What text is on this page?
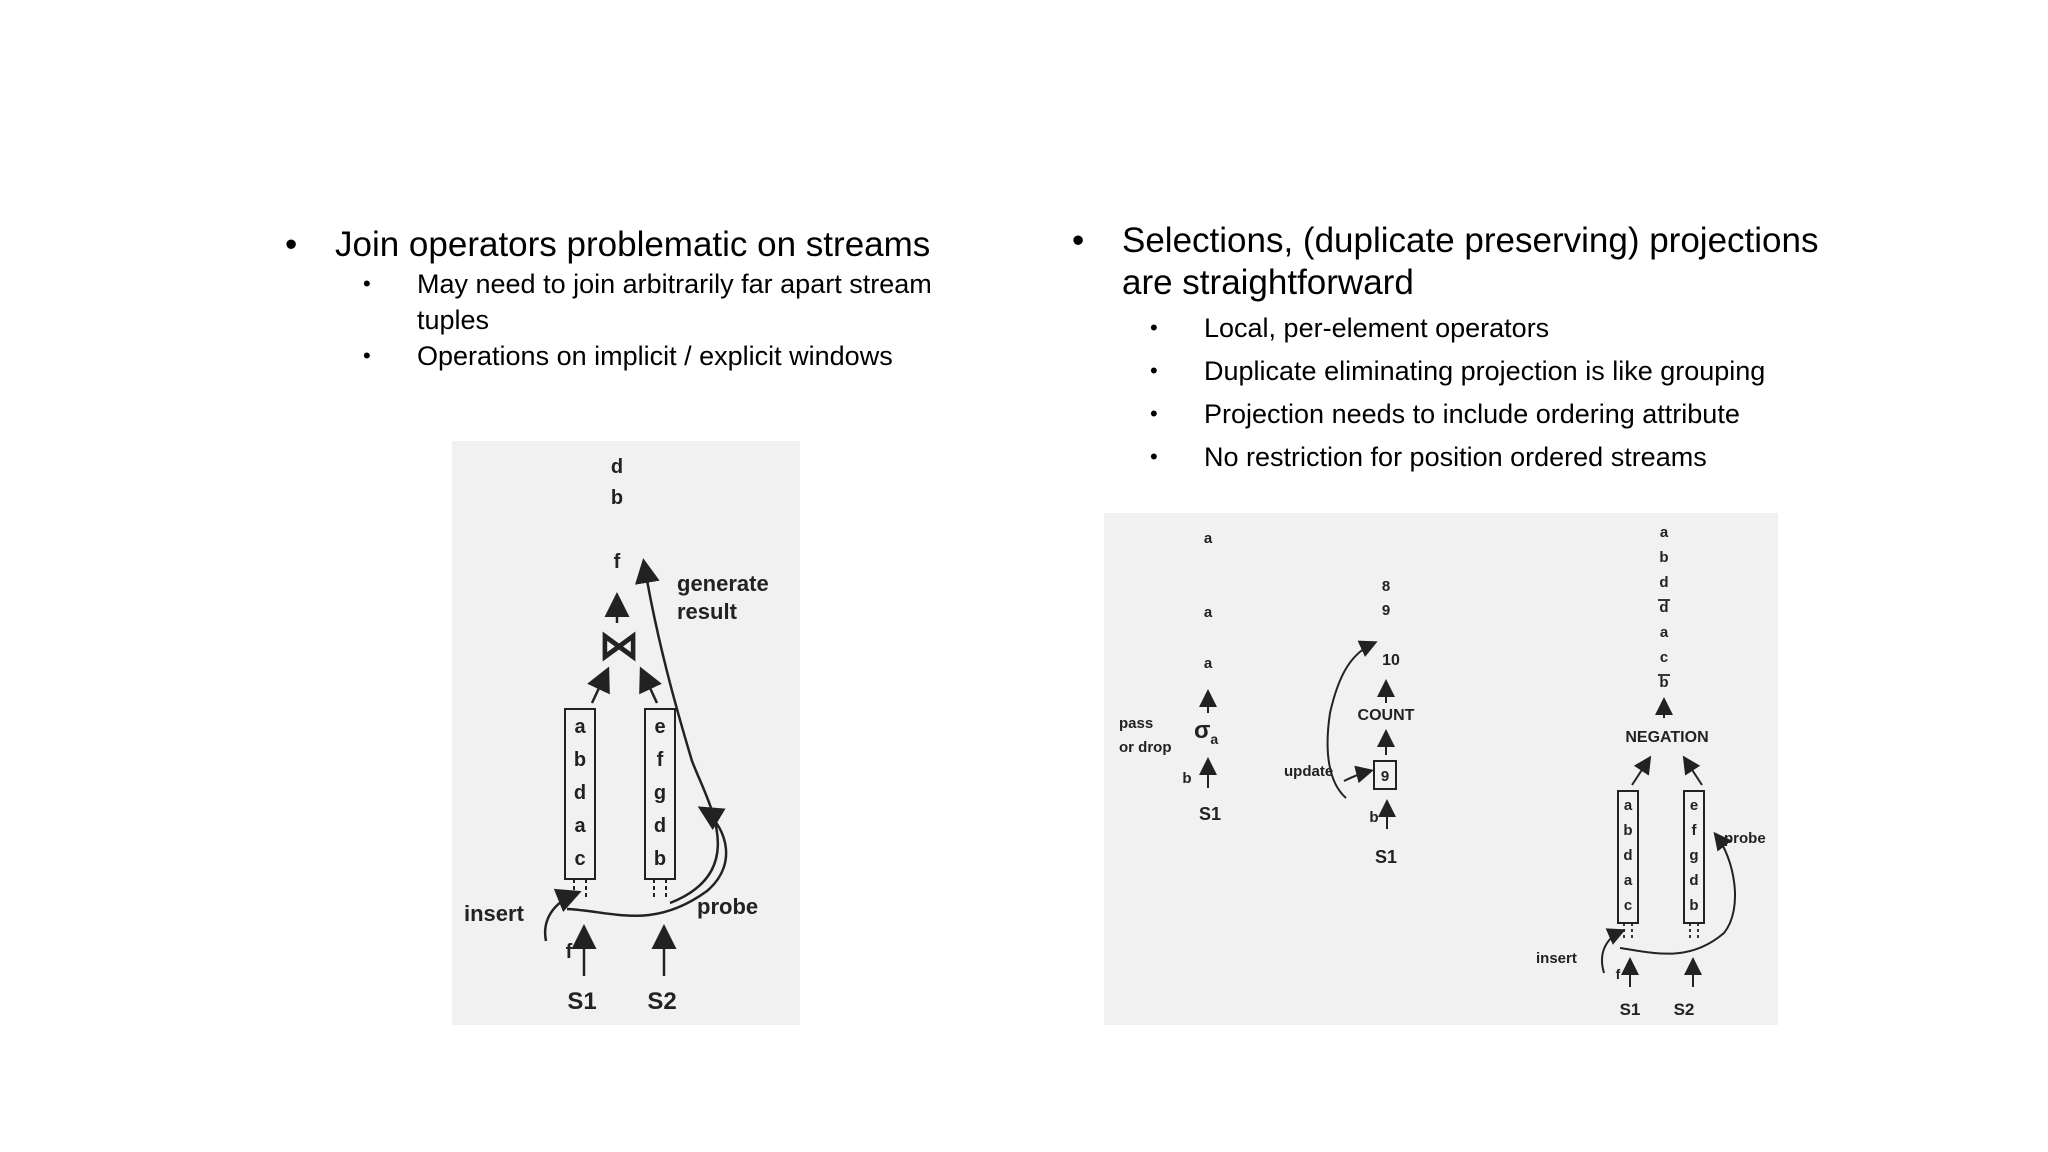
• Join operators problematic on streams
• May need to join arbitrarily far apart stream tuples
• Operations on implicit / explicit windows
• Selections, (duplicate preserving) projections are straightforward
• Local, per-element operators
• Duplicate eliminating projection is like grouping
• Projection needs to include ordering attribute
• No restriction for position ordered streams
d
b
f
generate result
⋈
a
b
d
a
c
e
f
g
d
b
insert	probe
f
S1 S2
a
a
a
$\sigma_a$
pass or drop
b
S1
8
9
10
COUNT
9
update
b
S1
a
b
d
d
a
c
b
NEGATION
a
b
d
a
c
e
f
g
d
b
insert
probe
f
S1 S2
